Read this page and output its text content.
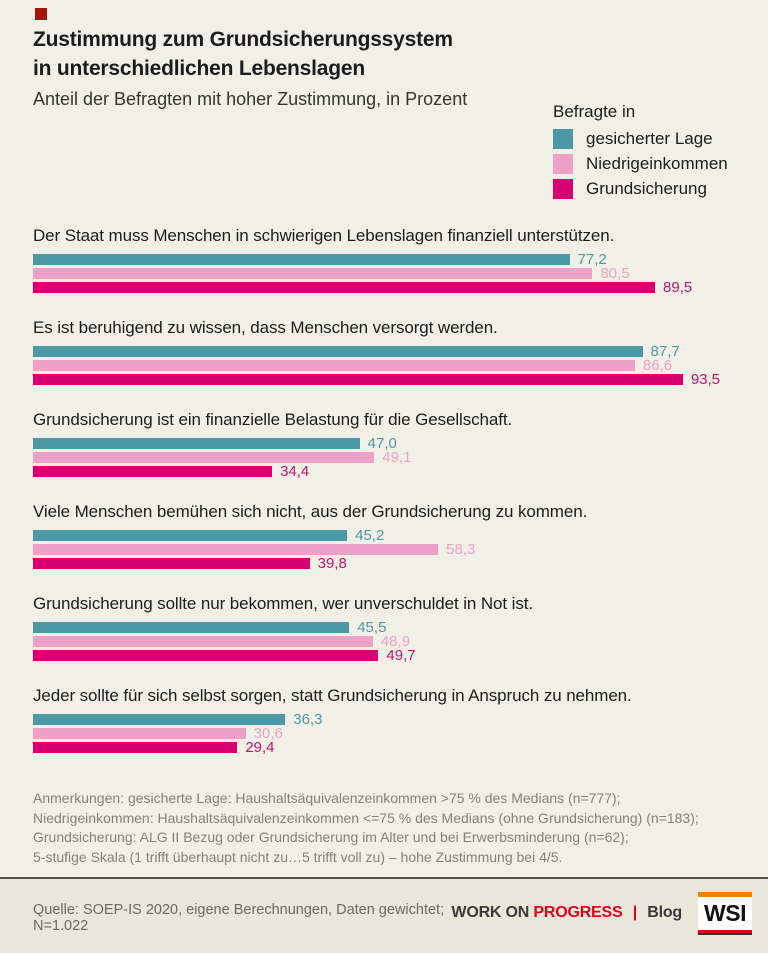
Zustimmung zum Grundsicherungssystem
in unterschiedlichen Lebenslagen
Anteil der Befragten mit hoher Zustimmung, in Prozent
Befragte in
gesicherter Lage
Niedrigeinkommen
Grundsicherung
Der Staat muss Menschen in schwierigen Lebenslagen finanziell unterstützen.
77,2
80,5
89,5
Es ist beruhigend zu wissen, dass Menschen versorgt werden.
87,7
86,6
93,5
Grundsicherung ist ein finanzielle Belastung für die Gesellschaft.
47,0
49,1
34,4
Viele Menschen bemühen sich nicht, aus der Grundsicherung zu kommen.
45,2
58,3
39,8
Grundsicherung sollte nur bekommen, wer unverschuldet in Not ist.
45,5
48,9
49,7
Jeder sollte für sich selbst sorgen, statt Grundsicherung in Anspruch zu nehmen.
36,3
30,6
29,4
Anmerkungen: gesicherte Lage: Haushaltsäquivalenzeinkommen >75 % des Medians (n=777);
Niedrigeinkommen: Haushaltsäquivalenzeinkommen <=75 % des Medians (ohne Grundsicherung) (n=183);
Grundsicherung: ALG II Bezug oder Grundsicherung im Alter und bei Erwerbsminderung (n=62);
5-stufige Skala (1 trifft überhaupt nicht zu…5 trifft voll zu) – hohe Zustimmung bei 4/5.
Quelle: SOEP-IS 2020, eigene Berechnungen, Daten gewichtet; N=1.022
WORK ON PROGRESS | Blog WSI
